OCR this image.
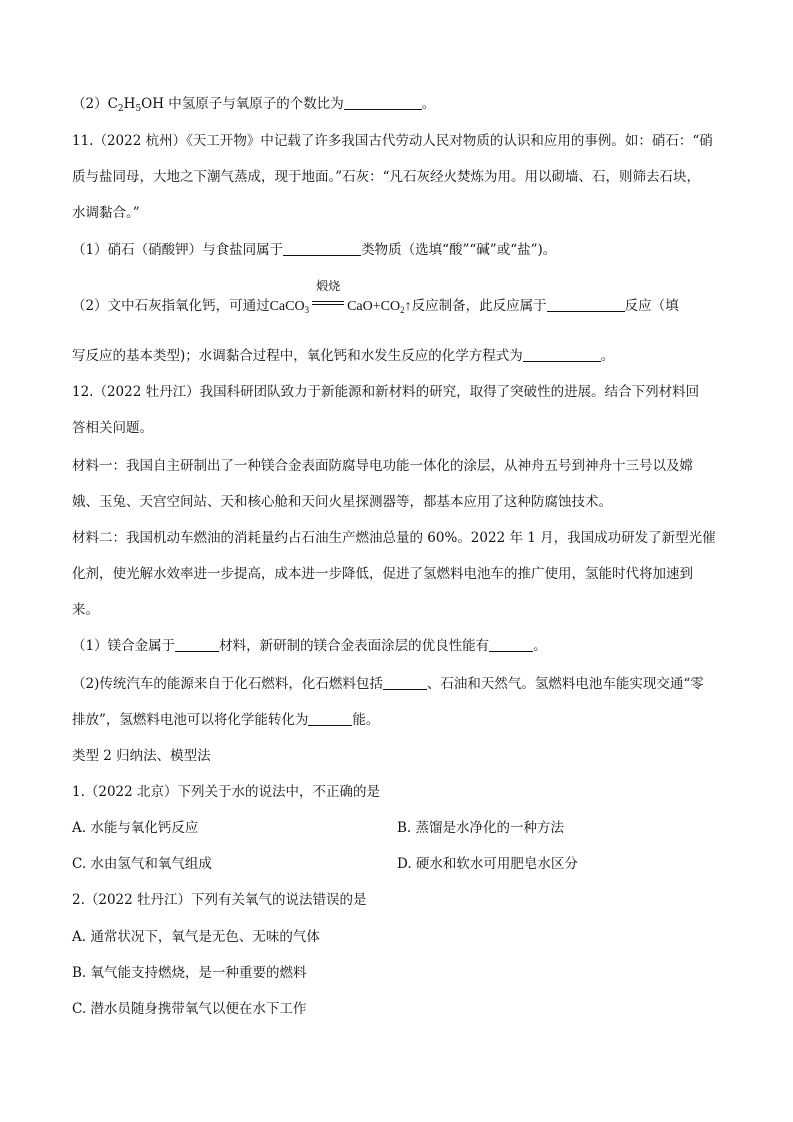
$(2)C_2H_5OH$ 中氢原子与氧原子的个数比为	。
11.（2022 杭州）《天工开物》中记载了许多我国古代劳动人民对物质的认识和应用的事例。如：硝石：“硝
质与盐同母，大地之下潮气蒸成，现于地面。”石灰：“凡石灰经火焚炼为用。用以砌墙、石，则筛去石块，
水调黏合。”
（1）硝石（硝酸钾）与食盐同属于	类物质（选填“酸”“碱”或“盐”)。
（2）文中石灰指氧化钙，可通过CaCO$_3$
煅烧
$CaO+CO_2↑$反应制备，此反应属于	反应（填
写反应的基本类型)；水调黏合过程中，氧化钙和水发生反应的化学方程式为	。
12.（2022 牡丹江）我国科研团队致力于新能源和新材料的研究，取得了突破性的进展。结合下列材料回
答相关问题。
材料一：我国自主研制出了一种镁合金表面防腐导电功能一体化的涂层，从神舟五号到神舟十三号以及嫦
娥、玉兔、天宫空间站、天和核心舱和天问火星探测器等，都基本应用了这种防腐蚀技术。
材料二：我国机动车燃油的消耗量约占石油生产燃油总量的 60%。2022 年 1 月，我国成功研发了新型光催
化剂，使光解水效率进一步提高，成本进一步降低，促进了氢燃料电池车的推广使用，氢能时代将加速到
来。
（1）镁合金属于	材料，新研制的镁合金表面涂层的优良性能有	。
（2)传统汽车的能源来自于化石燃料，化石燃料包括	、石油和天然气。氢燃料电池车能实现交通“零
排放”，氢燃料电池可以将化学能转化为	能。
类型 2 归纳法、模型法
1.（2022 北京）下列关于水的说法中，不正确的是
A. 水能与氧化钙反应	B. 蒸馏是水净化的一种方法
C. 水由氢气和氧气组成	D. 硬水和软水可用肥皂水区分
2.（2022 牡丹江）下列有关氧气的说法错误的是
A. 通常状况下，氧气是无色、无味的气体
B. 氧气能支持燃烧，是一种重要的燃料
C. 潜水员随身携带氧气以便在水下工作
